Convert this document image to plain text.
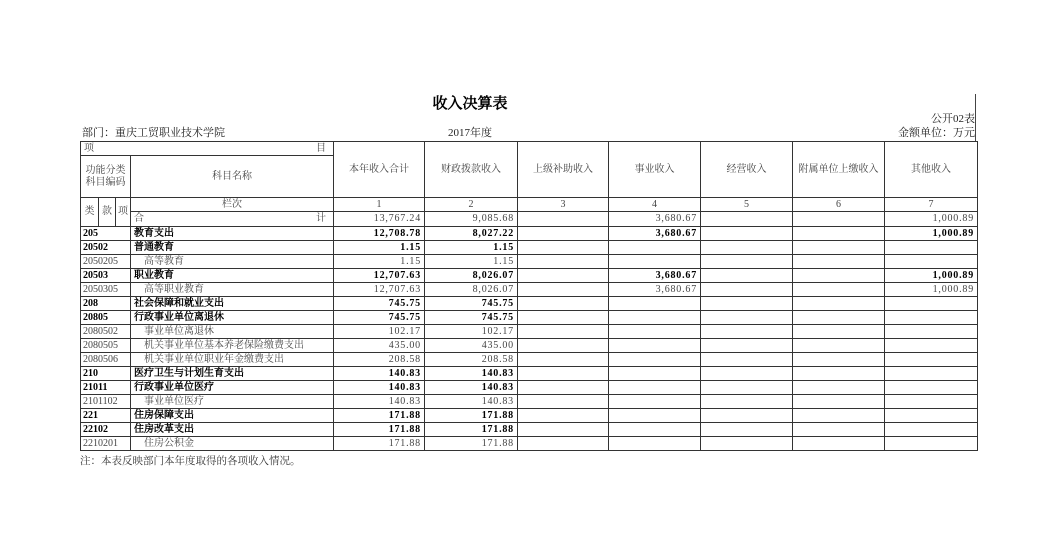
收入决算表
公开02表
部门：重庆工贸职业技术学院	2017年度	金额单位：万元
项 目				本年收入合计	财政拨款收入	上级补助收入	事业收入	经营收入	附属单位上缴收入	其他收入

功能分类
科目编码			科目名称							
类	款	项	栏次	1	2	3	4	5	6	7

			合 计	13,767.24	9,085.68		3,680.67			1,000.89
205			教育支出	12,708.78	8,027.22		3,680.67			1,000.89
20502			普通教育	1.15	1.15					
2050205			高等教育	1.15	1.15					
20503			职业教育	12,707.63	8,026.07		3,680.67			1,000.89
2050305			高等职业教育	12,707.63	8,026.07		3,680.67			1,000.89
208			社会保障和就业支出	745.75	745.75					
20805			行政事业单位离退休	745.75	745.75					
2080502			事业单位离退休	102.17	102.17					
2080505			机关事业单位基本养老保险缴费支出	435.00	435.00					
2080506			机关事业单位职业年金缴费支出	208.58	208.58					
210			医疗卫生与计划生育支出	140.83	140.83					
21011			行政事业单位医疗	140.83	140.83					
2101102			事业单位医疗	140.83	140.83					
221			住房保障支出	171.88	171.88					
22102			住房改革支出	171.88	171.88					
2210201			住房公积金	171.88	171.88					
注：本表反映部门本年度取得的各项收入情况。
